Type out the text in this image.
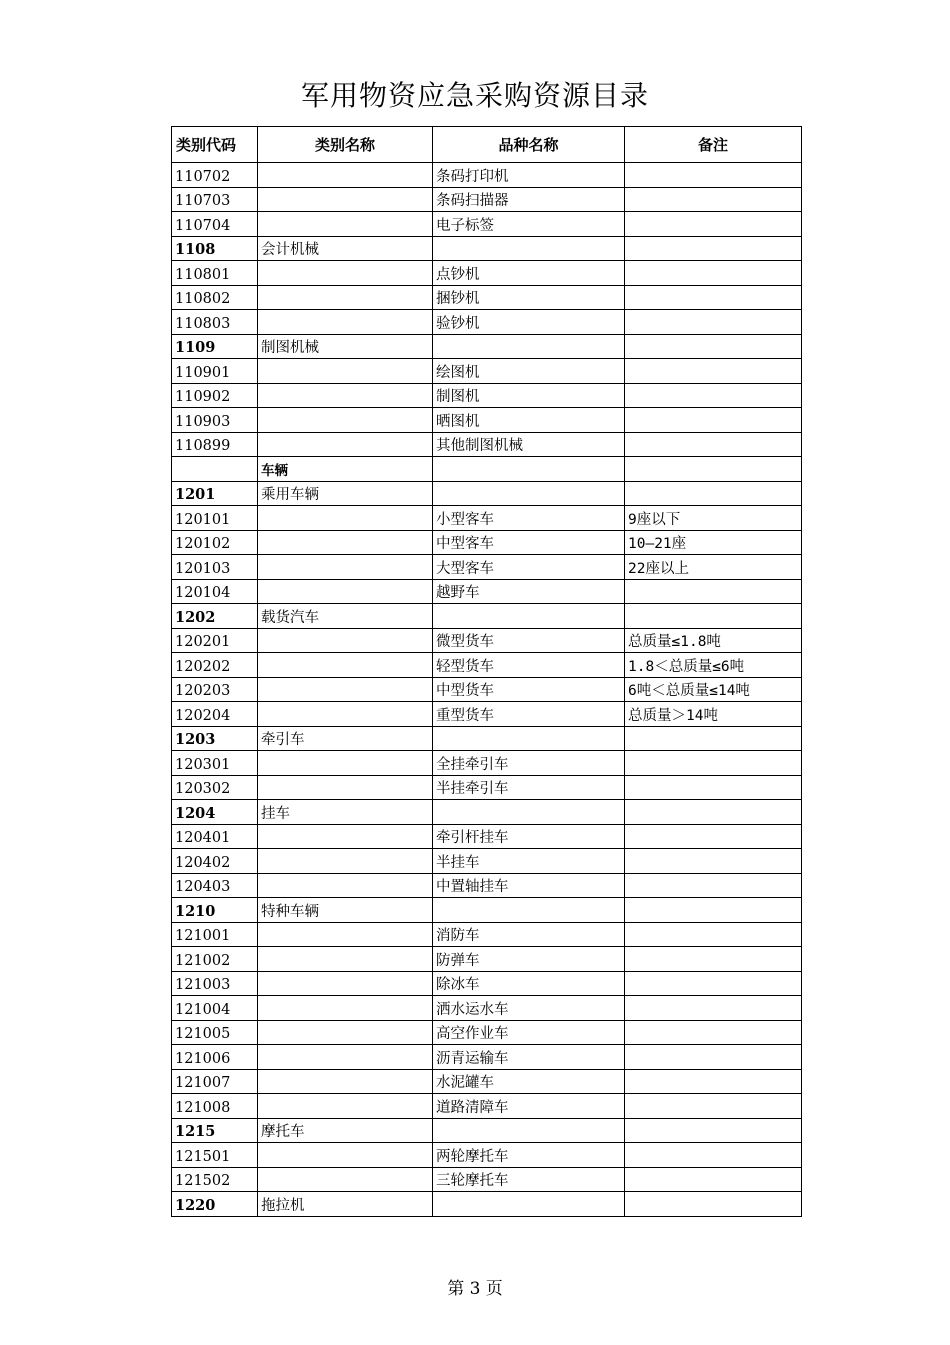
军用物资应急采购资源目录
类别代码	类别名称	品种名称	备注
110702		条码打印机	
110703		条码扫描器	
110704		电子标签	
1108	会计机械		
110801		点钞机	
110802		捆钞机	
110803		验钞机	
1109	制图机械		
110901		绘图机	
110902		制图机	
110903		晒图机	
110899		其他制图机械	
	车辆		
1201	乘用车辆		
120101		小型客车	9座以下
120102		中型客车	10—21座
120103		大型客车	22座以上
120104		越野车	
1202	载货汽车		
120201		微型货车	总质量≤1.8吨
120202		轻型货车	1.8＜总质量≤6吨
120203		中型货车	6吨＜总质量≤14吨
120204		重型货车	总质量＞14吨
1203	牵引车		
120301		全挂牵引车	
120302		半挂牵引车	
1204	挂车		
120401		牵引杆挂车	
120402		半挂车	
120403		中置轴挂车	
1210	特种车辆		
121001		消防车	
121002		防弹车	
121003		除冰车	
121004		洒水运水车	
121005		高空作业车	
121006		沥青运输车	
121007		水泥罐车	
121008		道路清障车	
1215	摩托车		
121501		两轮摩托车	
121502		三轮摩托车	
1220	拖拉机		
第 3 页
